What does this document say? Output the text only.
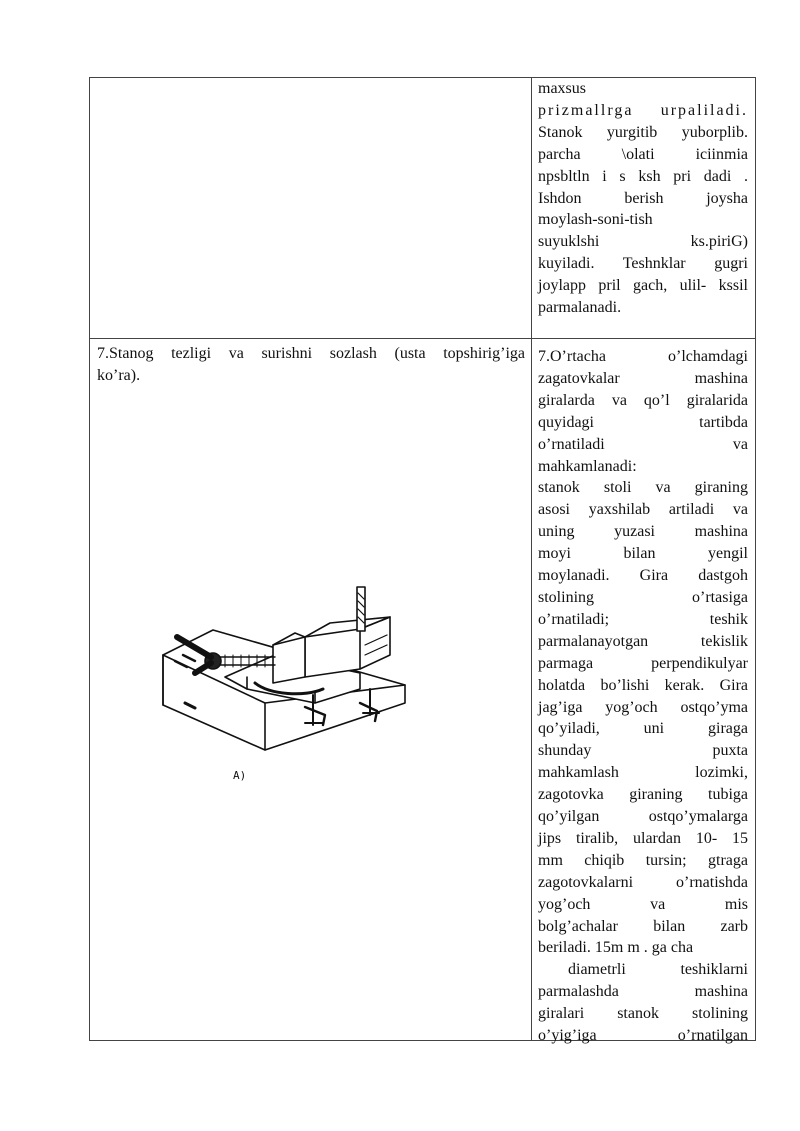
maxsus
prizmallrga urpaliladi.
Stanok yurgitib yuborplib.
parcha \olati iciinmia
npsbltln i s ksh pri dadi .
Ishdon berish joysha
moylash-soni-tish
suyuklshi ks.piriG)
kuyiladi. Teshnklar gugri
joylapp pril gach, ulil- kssil
parmalanadi.
7.Stanog tezligi va surishni sozlash (usta topshirig’iga
ko’ra).
A)
7.O’rtacha o’lchamdagi
zagatovkalar mashina
giralarda va qo’l giralarida
quyidagi tartibda
o’rnatiladi va
mahkamlanadi:
stanok stoli va giraning
asosi yaxshilab artiladi va
uning yuzasi mashina
moyi bilan yengil
moylanadi. Gira dastgoh
stolining o’rtasiga
o’rnatiladi; teshik
parmalanayotgan tekislik
parmaga perpendikulyar
holatda bo’lishi kerak. Gira
jag’iga yog’och ostqo’yma
qo’yiladi, uni giraga
shunday puxta
mahkamlash lozimki,
zagotovka giraning tubiga
qo’yilgan ostqo’ymalarga
jips tiralib, ulardan 10- 15
mm chiqib tursin; gtraga
zagotovkalarni o’rnatishda
yog’och va mis
bolg’achalar bilan zarb
beriladi. 15m m . ga cha
diametrli teshiklarni
parmalashda mashina
giralari stanok stolining
o’yig’iga o’rnatilgan
